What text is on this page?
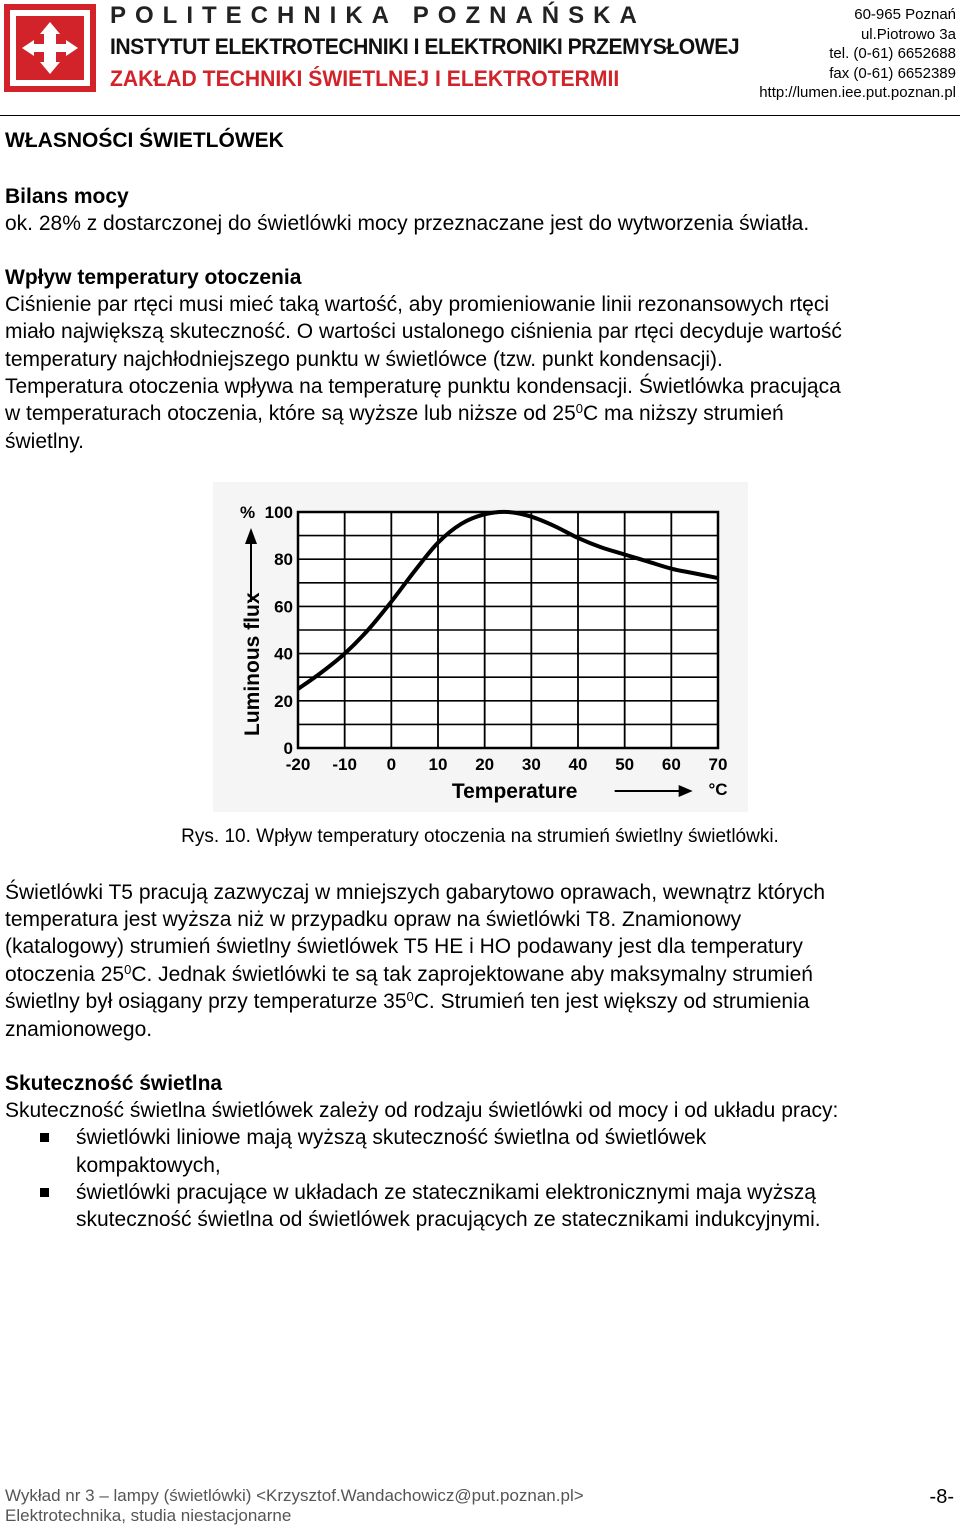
POLITECHNIKA POZNAŃSKA
INSTYTUT ELEKTROTECHNIKI I ELEKTRONIKI PRZEMYSŁOWEJ
ZAKŁAD TECHNIKI ŚWIETLNEJ I ELEKTROTERMII
60-965 Poznań
ul.Piotrowo 3a
tel. (0-61) 6652688
fax (0-61) 6652389
http://lumen.iee.put.poznan.pl
WŁASNOŚCI ŚWIETLÓWEK
Bilans mocy
ok. 28% z dostarczonej do świetlówki mocy przeznaczane jest do wytworzenia światła.
Wpływ temperatury otoczenia
Ciśnienie par rtęci musi mieć taką wartość, aby promieniowanie linii rezonansowych rtęci
miało największą skuteczność. O wartości ustalonego ciśnienia par rtęci decyduje wartość
temperatury najchłodniejszego punktu w świetlówce (tzw. punkt kondensacji).
Temperatura otoczenia wpływa na temperaturę punktu kondensacji. Świetlówka pracująca
w temperaturach otoczenia, które są wyższe lub niższe od $25^0C$ ma niższy strumień
świetlny.
-20 -10 0 10 20 30 40 50 60 70
0
20
40
60
80
100
%
Luminous flux
Temperature	°C
Rys. 10. Wpływ temperatury otoczenia na strumień świetlny świetlówki.
Świetlówki T5 pracują zazwyczaj w mniejszych gabarytowo oprawach, wewnątrz których
temperatura jest wyższa niż w przypadku opraw na świetlówki T8. Znamionowy
(katalogowy) strumień świetlny świetlówek T5 HE i HO podawany jest dla temperatury
otoczenia $25^0C$. Jednak świetlówki te są tak zaprojektowane aby maksymalny strumień
świetlny był osiągany przy temperaturze $35^0C$. Strumień ten jest większy od strumienia
znamionowego.
Skuteczność świetlna
Skuteczność świetlna świetlówek zależy od rodzaju świetlówki od mocy i od układu pracy:
świetlówki liniowe mają wyższą skuteczność świetlna od świetlówek
kompaktowych,
świetlówki pracujące w układach ze statecznikami elektronicznymi maja wyższą
skuteczność świetlna od świetlówek pracujących ze statecznikami indukcyjnymi.
Wykład nr 3 – lampy (świetlówki) <Krzysztof.Wandachowicz@put.poznan.pl>
Elektrotechnika, studia niestacjonarne
-8-
